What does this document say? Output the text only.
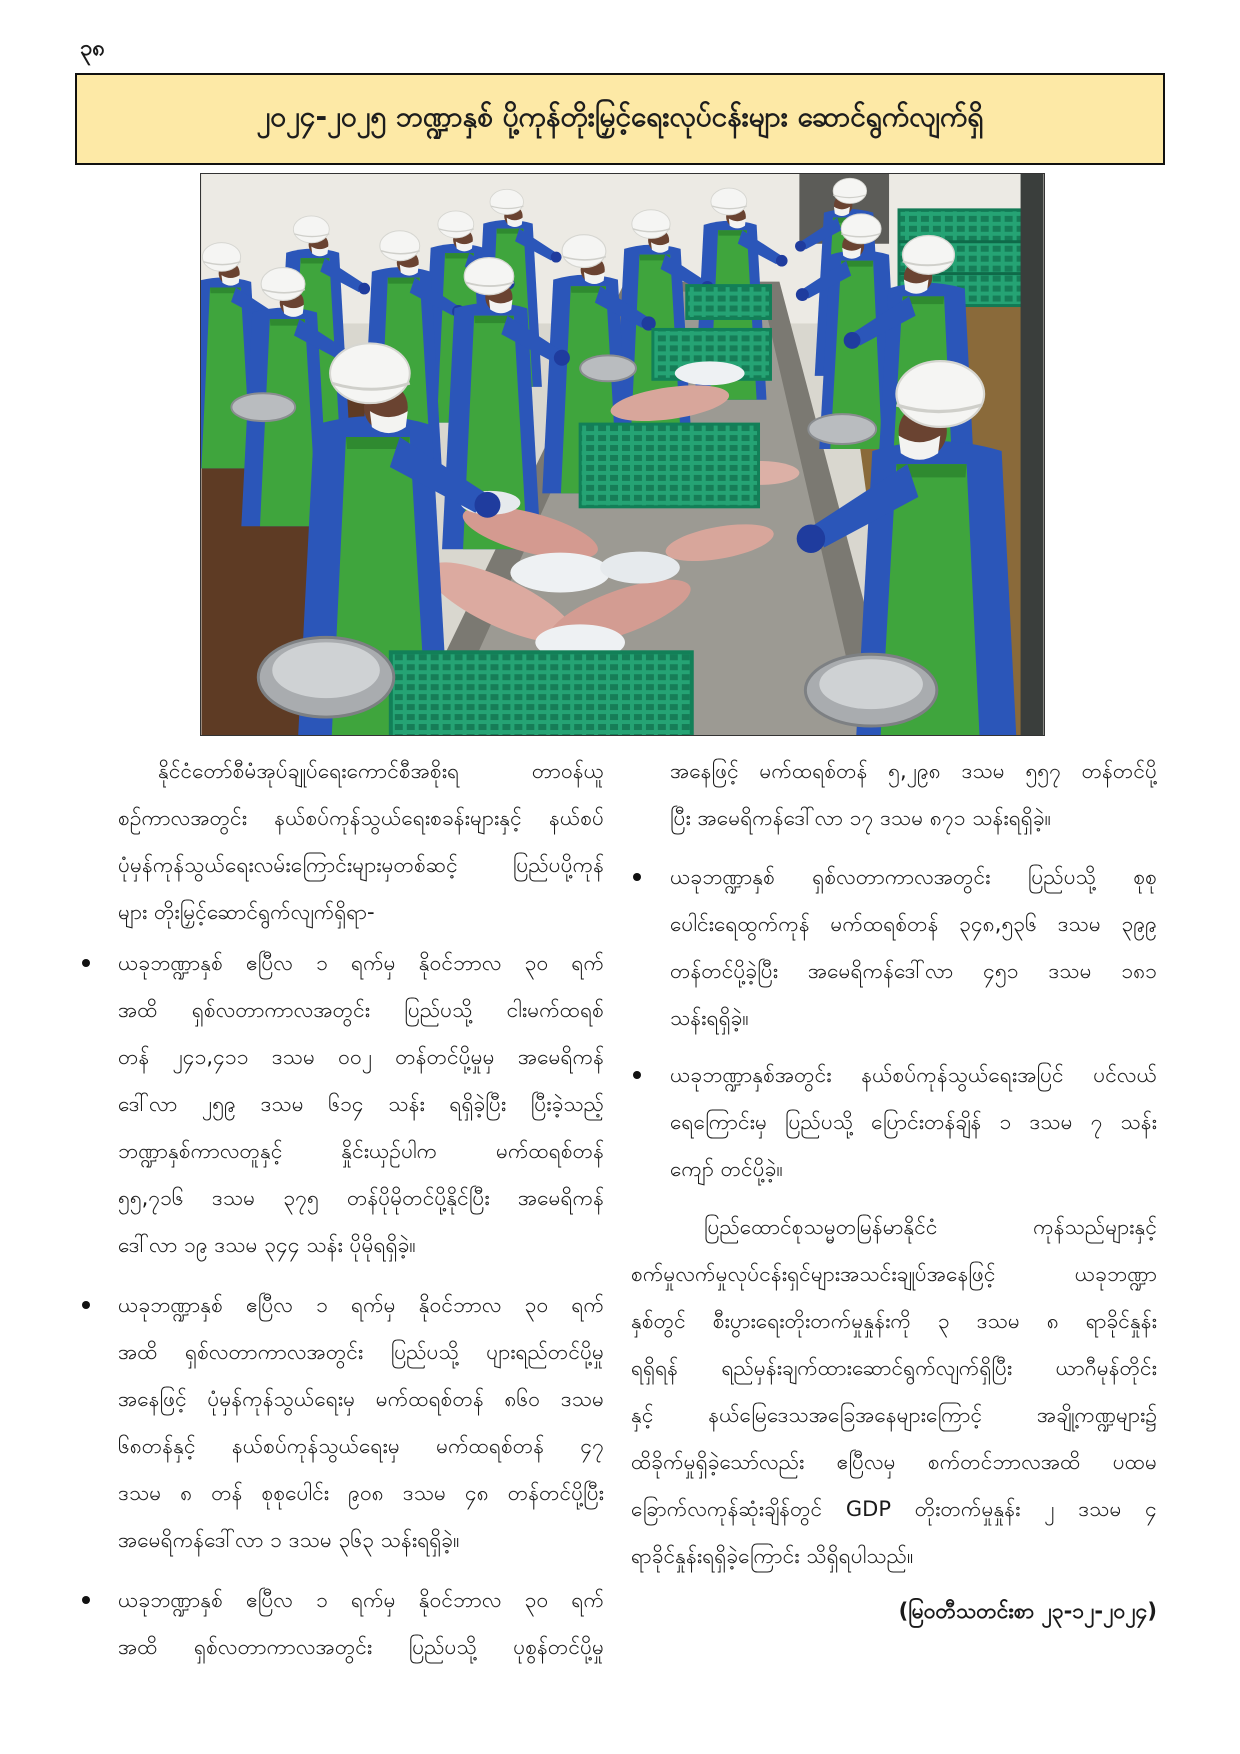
၃၈
၂၀၂၄-၂၀၂၅ ဘဏ္ဍာနှစ် ပို့ကုန်တိုးမြှင့်ရေးလုပ်ငန်းများ ဆောင်ရွက်လျက်ရှိ
နိုင်ငံတော်စီမံအုပ်ချုပ်ရေးကောင်စီအစိုးရ တာဝန်ယူ
စဉ်ကာလအတွင်း နယ်စပ်ကုန်သွယ်ရေးစခန်းများနှင့် နယ်စပ်
ပုံမှန်ကုန်သွယ်ရေးလမ်းကြောင်းများမှတစ်ဆင့် ပြည်ပပို့ကုန်
များ တိုးမြှင့်ဆောင်ရွက်လျက်ရှိရာ-
ယခုဘဏ္ဍာနှစ် ဧပြီလ ၁ ရက်မှ နိုဝင်ဘာလ ၃၀ ရက်
အထိ ရှစ်လတာကာလအတွင်း ပြည်ပသို့ ငါးမက်ထရစ်
တန် ၂၄၁,၄၁၁ ဒသမ ၀၀၂ တန်တင်ပို့မှုမှ အမေရိကန်
ဒေါ်လာ ၂၅၉ ဒသမ ၆၁၄ သန်း ရရှိခဲ့ပြီး ပြီးခဲ့သည့်
ဘဏ္ဍာနှစ်ကာလတူနှင့် နှိုင်းယှဉ်ပါက မက်ထရစ်တန်
၅၅,၇၁၆ ဒသမ ၃၇၅ တန်ပိုမိုတင်ပို့နိုင်ပြီး အမေရိကန်
ဒေါ်လာ ၁၉ ဒသမ ၃၄၄ သန်း ပိုမိုရရှိခဲ့။
ယခုဘဏ္ဍာနှစ် ဧပြီလ ၁ ရက်မှ နိုဝင်ဘာလ ၃၀ ရက်
အထိ ရှစ်လတာကာလအတွင်း ပြည်ပသို့ ပျားရည်တင်ပို့မှု
အနေဖြင့် ပုံမှန်ကုန်သွယ်ရေးမှ မက်ထရစ်တန် ၈၆၀ ဒသမ
၆၈တန်နှင့် နယ်စပ်ကုန်သွယ်ရေးမှ မက်ထရစ်တန် ၄၇
ဒသမ ၈ တန် စုစုပေါင်း ၉၀၈ ဒသမ ၄၈ တန်တင်ပို့ပြီး
အမေရိကန်ဒေါ်လာ ၁ ဒသမ ၃၆၃ သန်းရရှိခဲ့။
ယခုဘဏ္ဍာနှစ် ဧပြီလ ၁ ရက်မှ နိုဝင်ဘာလ ၃၀ ရက်
အထိ ရှစ်လတာကာလအတွင်း ပြည်ပသို့ ပုစွန်တင်ပို့မှု
အနေဖြင့် မက်ထရစ်တန် ၅,၂၉၈ ဒသမ ၅၅၇ တန်တင်ပို့
ပြီး အမေရိကန်ဒေါ်လာ ၁၇ ဒသမ ၈၇၁ သန်းရရှိခဲ့။
ယခုဘဏ္ဍာနှစ် ရှစ်လတာကာလအတွင်း ပြည်ပသို့ စုစု
ပေါင်းရေထွက်ကုန် မက်ထရစ်တန် ၃၄၈,၅၃၆ ဒသမ ၃၉၉
တန်တင်ပို့ခဲ့ပြီး အမေရိကန်ဒေါ်လာ ၄၅၁ ဒသမ ၁၈၁
သန်းရရှိခဲ့။
ယခုဘဏ္ဍာနှစ်အတွင်း နယ်စပ်ကုန်သွယ်ရေးအပြင် ပင်လယ်
ရေကြောင်းမှ ပြည်ပသို့ ပြောင်းတန်ချိန် ၁ ဒသမ ၇ သန်း
ကျော် တင်ပို့ခဲ့။
ပြည်ထောင်စုသမ္မတမြန်မာနိုင်ငံ ကုန်သည်များနှင့်
စက်မှုလက်မှုလုပ်ငန်းရှင်များအသင်းချုပ်အနေဖြင့် ယခုဘဏ္ဍာ
နှစ်တွင် စီးပွားရေးတိုးတက်မှုနှုန်းကို ၃ ဒသမ ၈ ရာခိုင်နှုန်း
ရရှိရန် ရည်မှန်းချက်ထားဆောင်ရွက်လျက်ရှိပြီး ယာဂီမုန်တိုင်း
နှင့် နယ်မြေဒေသအခြေအနေများကြောင့် အချို့ကဏ္ဍများ၌
ထိခိုက်မှုရှိခဲ့သော်လည်း ဧပြီလမှ စက်တင်ဘာလအထိ ပထမ
ခြောက်လကုန်ဆုံးချိန်တွင် GDP တိုးတက်မှုနှုန်း ၂ ဒသမ ၄
ရာခိုင်နှုန်းရရှိခဲ့ကြောင်း သိရှိရပါသည်။
(မြဝတီသတင်းစာ ၂၃-၁၂-၂၀၂၄)
